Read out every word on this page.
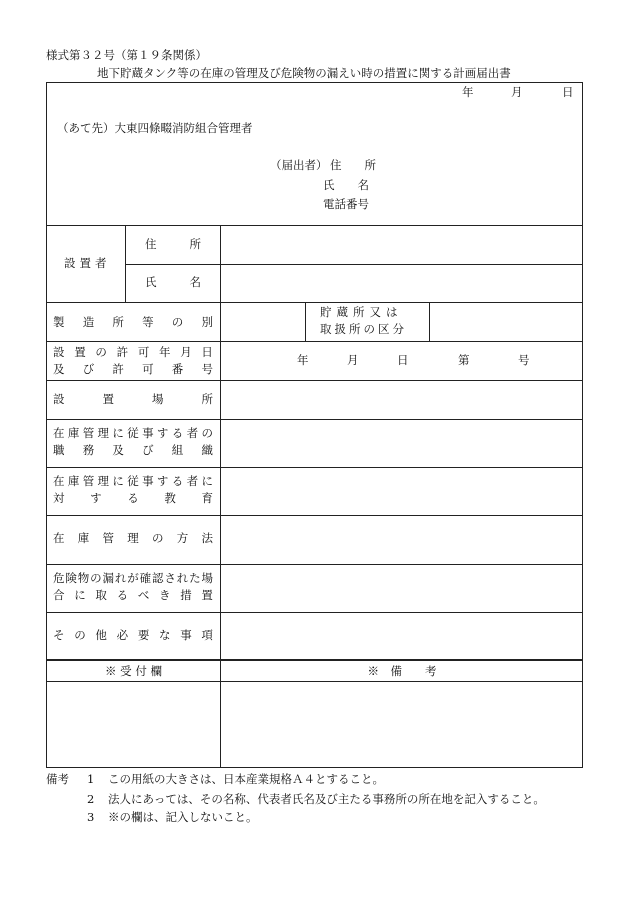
様式第３２号（第１９条関係）
地下貯蔵タンク等の在庫の管理及び危険物の漏えい時の措置に関する計画届出書
年	月	日
（あて先）大東四條畷消防組合管理者
（届出者） 住　　所
氏　　名
電話番号
設置者
住	所
氏	名
製 造 所 等 の 別
貯蔵所又は
取扱所の区分
設 置 の 許 可 年 月 日
及 び 許 可 番 号
年	月	日	第	号
設	置	場	所
在 庫 管 理 に 従 事 す る 者 の
職 務 及 び 組 織
在 庫 管 理 に 従 事 す る 者 に
対 す る 教 育
在 庫 管 理 の 方 法
危 険 物 の 漏 れ が 確 認 さ れ た 場
合 に 取 る べ き 措 置
そ の 他 必 要 な 事 項
※ 受 付 欄	※　備　　考
備考 1 この用紙の大きさは、日本産業規格Ａ４とすること。
2 法人にあっては、その名称、代表者氏名及び主たる事務所の所在地を記入すること。
3 ※の欄は、記入しないこと。
